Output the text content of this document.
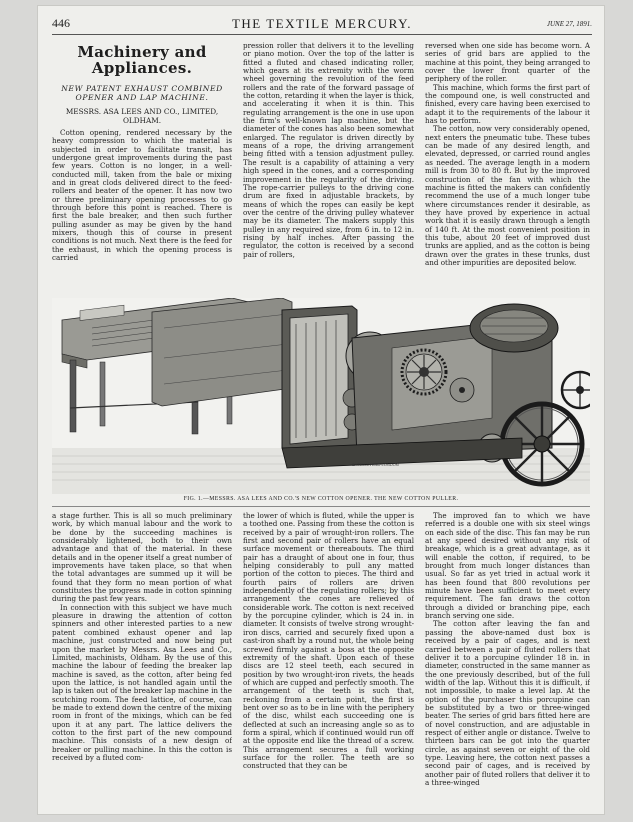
446	THE TEXTILE MERCURY.	JUNE 27, 1891.
Machinery and Appliances.
NEW PATENT EXHAUST COMBINED OPENER AND LAP MACHINE.
MESSRS. ASA LEES AND CO., LIMITED, OLDHAM.

Cotton opening, rendered necessary by the heavy compression to which the material is subjected in order to facilitate transit, has undergone great improvements during the past few years. Cotton is no longer, in a well-conducted mill, taken from the bale or mixing and in great clods delivered direct to the feed-rollers and beater of the opener. It has now two or three preliminary opening processes to go through before this point is reached. There is first the bale breaker, and then such further pulling asunder as may be given by the hand mixers, though this of course in present conditions is not much. Next there is the feed for the exhaust, in which the opening process is carried

pression roller that delivers it to the levelling or piano motion. Over the top of the latter is fitted a fluted and chased indicating roller, which gears at its extremity with the worm wheel governing the revolution of the feed rollers and the rate of the forward passage of the cotton, retarding it when the layer is thick, and accelerating it when it is thin. This regulating arrangement is the one in use upon the firm's well-known lap machine, but the diameter of the cones has also been somewhat enlarged. The regulator is driven directly by means of a rope, the driving arrangement being fitted with a tension adjustment pulley. The result is a capability of attaining a very high speed in the cones, and a corresponding improvement in the regularity of the driving. The rope-carrier pulleys to the driving cone drum are fixed in adjustable brackets, by means of which the ropes can easily be kept over the centre of the driving pulley whatever may be its diameter. The makers supply this pulley in any required size, from 6 in. to 12 in. rising by half inches. After passing the regulator, the cotton is received by a second pair of rollers,

reversed when one side has become worn. A series of grid bars are applied to the machine at this point, they being arranged to cover the lower front quarter of the periphery of the roller.

This machine, which forms the first part of the compound one, is well constructed and finished, every care having been exercised to adapt it to the requirements of the labour it has to perform.

The cotton, now very considerably opened, next enters the pneumatic tube. These tubes can be made of any desired length, and elevated, depressed, or carried round angles as needed. The average length in a modern mill is from 30 to 80 ft. But by the improved construction of the fan with which the machine is fitted the makers can confidently recommend the use of a much longer tube where circumstances render it desirable, as they have proved by experience in actual work that it is easily drawn through a length of 140 ft. At the most convenient position in this tube, about 20 feet of improved dust trunks are applied, and as the cotton is being drawn over the grates in these trunks, dust and other impurities are deposited below.

BATEMAN AND LONDON
FIG. 1.—MESSRS. ASA LEES AND CO.'S NEW COTTON OPENER. THE NEW COTTON PULLER.

a stage further. This is all so much preliminary work, by which manual labour and the work to be done by the succeeding machines is considerably lightened, both to their own advantage and that of the material. In these details and in the opener itself a great number of improvements have taken place, so that when the total advantages are summed up it will be found that they form no mean portion of what constitutes the progress made in cotton spinning during the past few years.

In connection with this subject we have much pleasure in drawing the attention of cotton spinners and other interested parties to a new patent combined exhaust opener and lap machine, just constructed and now being put upon the market by Messrs. Asa Lees and Co., Limited, machinists, Oldham. By the use of this machine the labour of feeding the breaker lap machine is saved, as the cotton, after being fed upon the lattice, is not handled again until the lap is taken out of the breaker lap machine in the scutching room. The feed lattice, of course, can be made to extend down the centre of the mixing room in front of the mixings, which can be fed upon it at any part. The lattice delivers the cotton to the first part of the new compound machine. This consists of a new design of breaker or pulling machine. In this the cotton is received by a fluted com-

the lower of which is fluted, while the upper is a toothed one. Passing from these the cotton is received by a pair of wrought-iron rollers. The first and second pair of rollers have an equal surface movement or thereabouts. The third pair has a draught of about one in four, thus helping considerably to pull any matted portion of the cotton to pieces. The third and fourth pairs of rollers are driven independently of the regulating rollers; by this arrangement the cones are relieved of considerable work. The cotton is next received by the porcupine cylinder, which is 24 in. in diameter. It consists of twelve strong wrought-iron discs, carried and securely fixed upon a cast-iron shaft by a round nut, the whole being screwed firmly against a boss at the opposite extremity of the shaft. Upon each of these discs are 12 steel teeth, each secured in position by two wrought-iron rivets, the heads of which are cupped and perfectly smooth. The arrangement of the teeth is such that, reckoning from a certain point, the first is bent over so as to be in line with the periphery of the disc, whilst each succeeding one is deflected at such an increasing angle so as to form a spiral, which if continued would run off at the opposite end like the thread of a screw. This arrangement secures a full working surface for the roller. The teeth are so constructed that they can be

The improved fan to which we have referred is a double one with six steel wings on each side of the disc. This fan may be run at any speed desired without any risk of breakage, which is a great advantage, as it will enable the cotton, if required, to be brought from much longer distances than usual. So far as yet tried in actual work it has been found that 800 revolutions per minute have been sufficient to meet every requirement. The fan draws the cotton through a divided or branching pipe, each branch serving one side.

The cotton after leaving the fan and passing the above-named dust box is received by a pair of cages, and is next carried between a pair of fluted rollers that deliver it to a porcupine cylinder 18 in. in diameter, constructed in the same manner as the one previously described, but of the full width of the lap. Without this it is difficult, if not impossible, to make a level lap. At the option of the purchaser this porcupine can be substituted by a two or three-winged beater. The series of grid bars fitted here are of novel construction, and are adjustable in respect of either angle or distance. Twelve to thirteen bars can be got into the quarter circle, as against seven or eight of the old type. Leaving here, the cotton next passes a second pair of cages, and is received by another pair of fluted rollers that deliver it to a three-winged
